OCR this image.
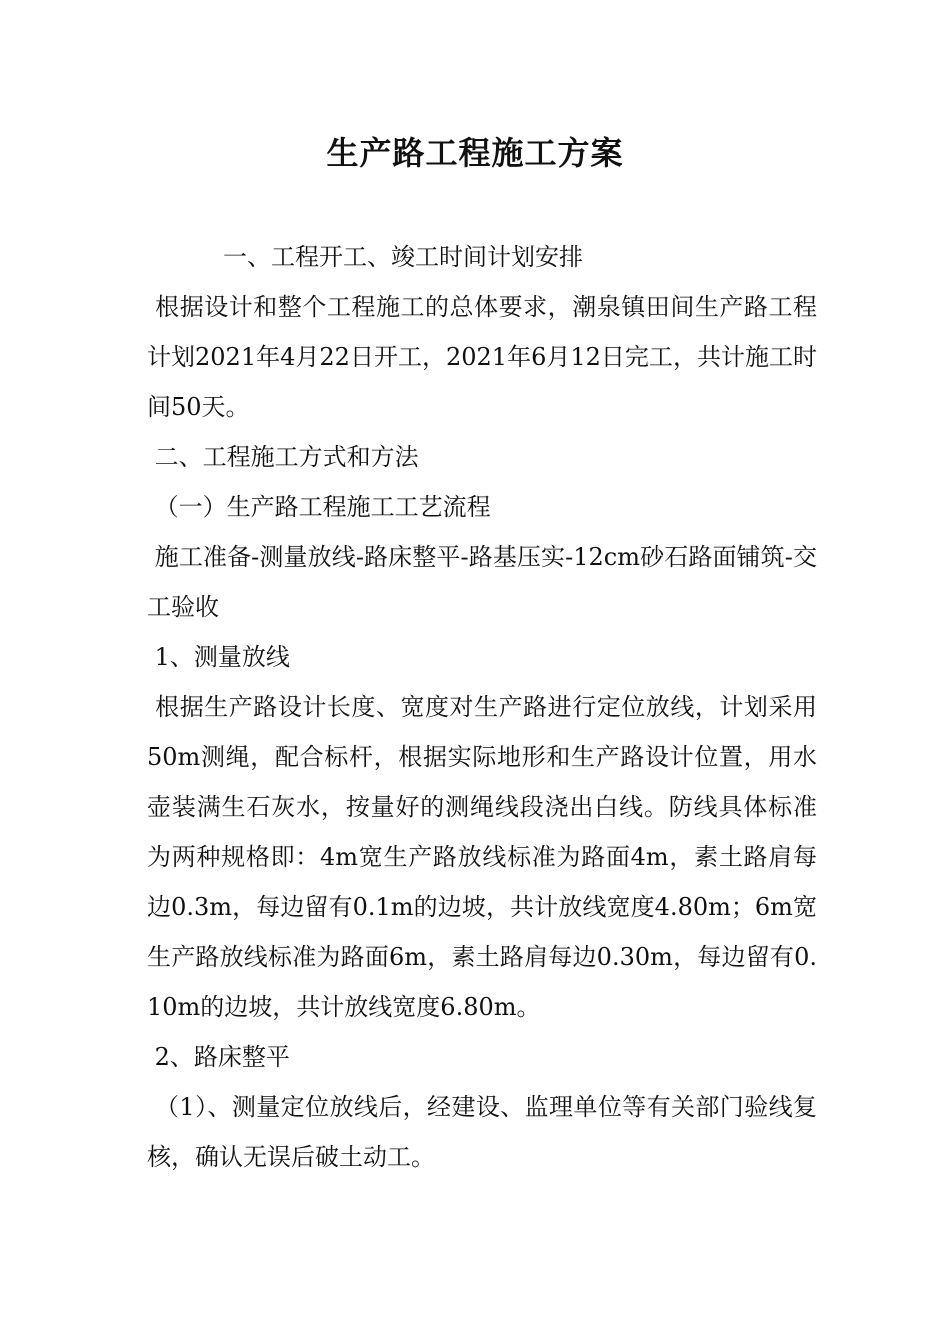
生产路工程施工方案

一、工程开工、竣工时间计划安排

根据设计和整个工程施工的总体要求，潮泉镇田间生产路工程计划2021年4月22日开工，2021年6月12日完工，共计施工时间50天。

二、工程施工方式和方法

（一）生产路工程施工工艺流程

施工准备-测量放线-路床整平-路基压实-12cm砂石路面铺筑-交工验收

1、测量放线

根据生产路设计长度、宽度对生产路进行定位放线，计划采用50m测绳，配合标杆，根据实际地形和生产路设计位置，用水壶装满生石灰水，按量好的测绳线段浇出白线。防线具体标准为两种规格即：4m宽生产路放线标准为路面4m，素土路肩每边0.3m，每边留有0.1m的边坡，共计放线宽度4.80m；6m宽生产路放线标准为路面6m，素土路肩每边0.30m，每边留有0.10m的边坡，共计放线宽度6.80m。

2、路床整平

（1）、测量定位放线后，经建设、监理单位等有关部门验线复核，确认无误后破土动工。
